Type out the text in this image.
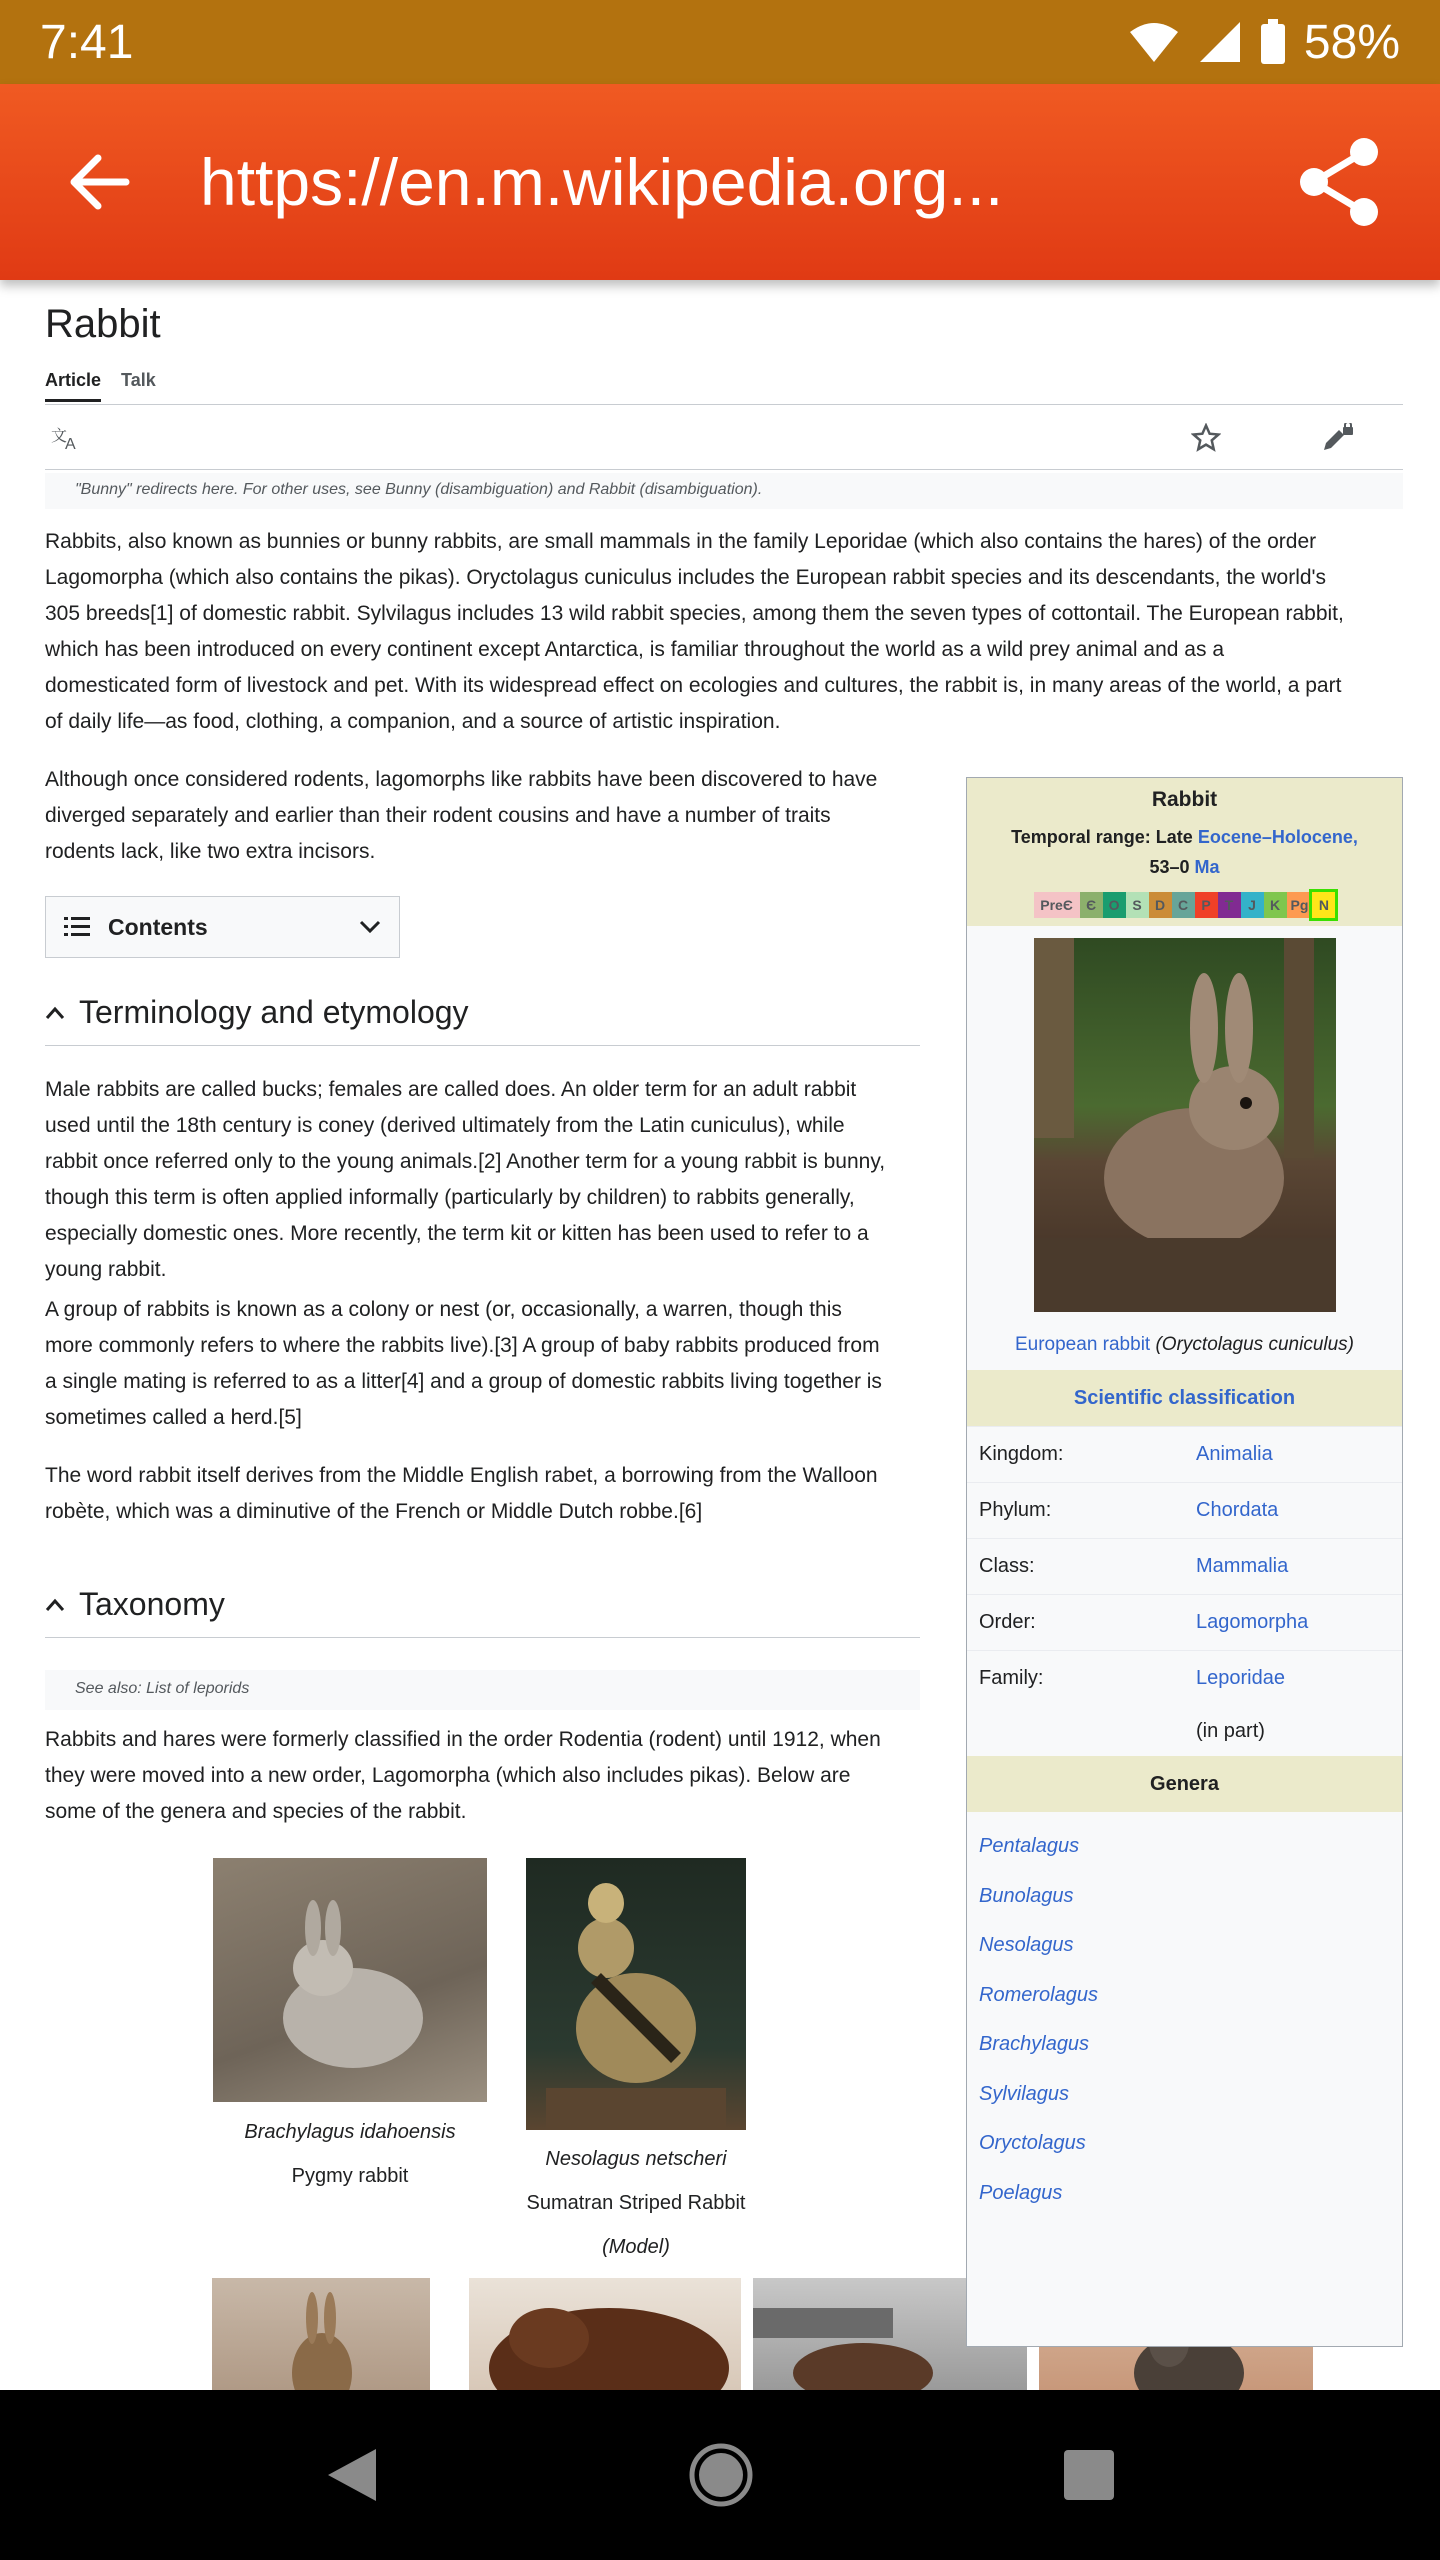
7:41	58%
https://en.m.wikipedia.org...
Rabbit
Article Talk
文
A
"Bunny" redirects here. For other uses, see Bunny (disambiguation) and Rabbit (disambiguation).
Rabbits, also known as bunnies or bunny rabbits, are small mammals in the family Leporidae (which also contains the hares) of the order
Lagomorpha (which also contains the pikas). Oryctolagus cuniculus includes the European rabbit species and its descendants, the world's
305 breeds[1] of domestic rabbit. Sylvilagus includes 13 wild rabbit species, among them the seven types of cottontail. The European rabbit,
which has been introduced on every continent except Antarctica, is familiar throughout the world as a wild prey animal and as a
domesticated form of livestock and pet. With its widespread effect on ecologies and cultures, the rabbit is, in many areas of the world, a part
of daily life—as food, clothing, a companion, and a source of artistic inspiration.
Although once considered rodents, lagomorphs like rabbits have been discovered to have
diverged separately and earlier than their rodent cousins and have a number of traits
rodents lack, like two extra incisors.
Contents
Terminology and etymology
Male rabbits are called bucks; females are called does. An older term for an adult rabbit
used until the 18th century is coney (derived ultimately from the Latin cuniculus), while
rabbit once referred only to the young animals.[2] Another term for a young rabbit is bunny,
though this term is often applied informally (particularly by children) to rabbits generally,
especially domestic ones. More recently, the term kit or kitten has been used to refer to a
young rabbit.
A group of rabbits is known as a colony or nest (or, occasionally, a warren, though this
more commonly refers to where the rabbits live).[3] A group of baby rabbits produced from
a single mating is referred to as a litter[4] and a group of domestic rabbits living together is
sometimes called a herd.[5]
The word rabbit itself derives from the Middle English rabet, a borrowing from the Walloon
robète, which was a diminutive of the French or Middle Dutch robbe.[6]
Taxonomy
See also: List of leporids
Rabbits and hares were formerly classified in the order Rodentia (rodent) until 1912, when
they were moved into a new order, Lagomorpha (which also includes pikas). Below are
some of the genera and species of the rabbit.
Brachylagus idahoensis
Pygmy rabbit
Nesolagus netscheri
Sumatran Striped Rabbit
(Model)
Rabbit
Temporal range: Late Eocene–Holocene,
53–0 Ma
PreЄ Є O S D C P	T	J	K Pg N
European rabbit (Oryctolagus cuniculus)
Scientific classification
Kingdom:	Animalia
Phylum:	Chordata
Class:	Mammalia
Order:	Lagomorpha
Family:	Leporidae
(in part)
Genera
Pentalagus
Bunolagus
Nesolagus
Romerolagus
Brachylagus
Sylvilagus
Oryctolagus
Poelagus
